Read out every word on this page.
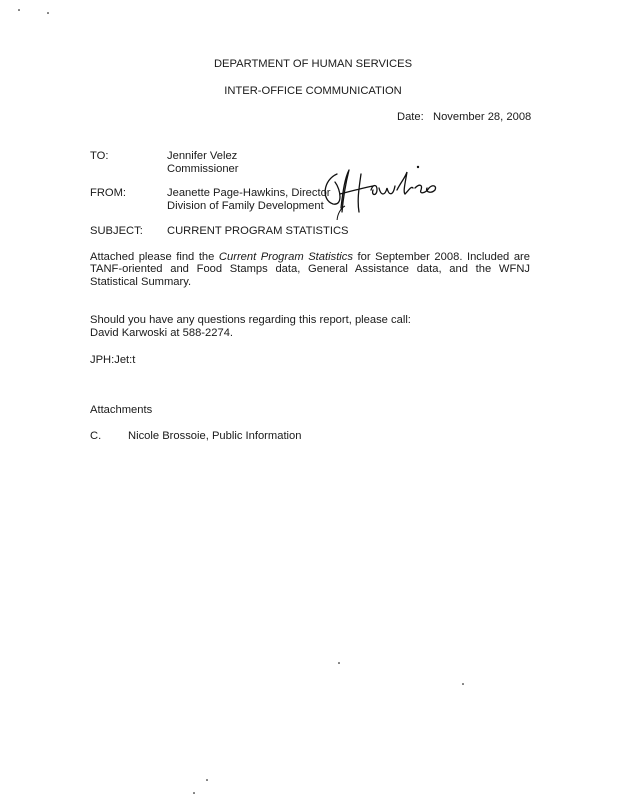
DEPARTMENT OF HUMAN SERVICES
INTER-OFFICE COMMUNICATION
Date: November 28, 2008
TO:	Jennifer Velez
Commissioner
FROM:	Jeanette Page-Hawkins, Director
Division of Family Development
SUBJECT: CURRENT PROGRAM STATISTICS
Attached please find the Current Program Statistics for September 2008. Included are TANF-oriented and Food Stamps data, General Assistance data, and the WFNJ Statistical Summary.
Should you have any questions regarding this report, please call:
David Karwoski at 588-2274.
JPH:Jet:t
Attachments
C. Nicole Brossoie, Public Information
